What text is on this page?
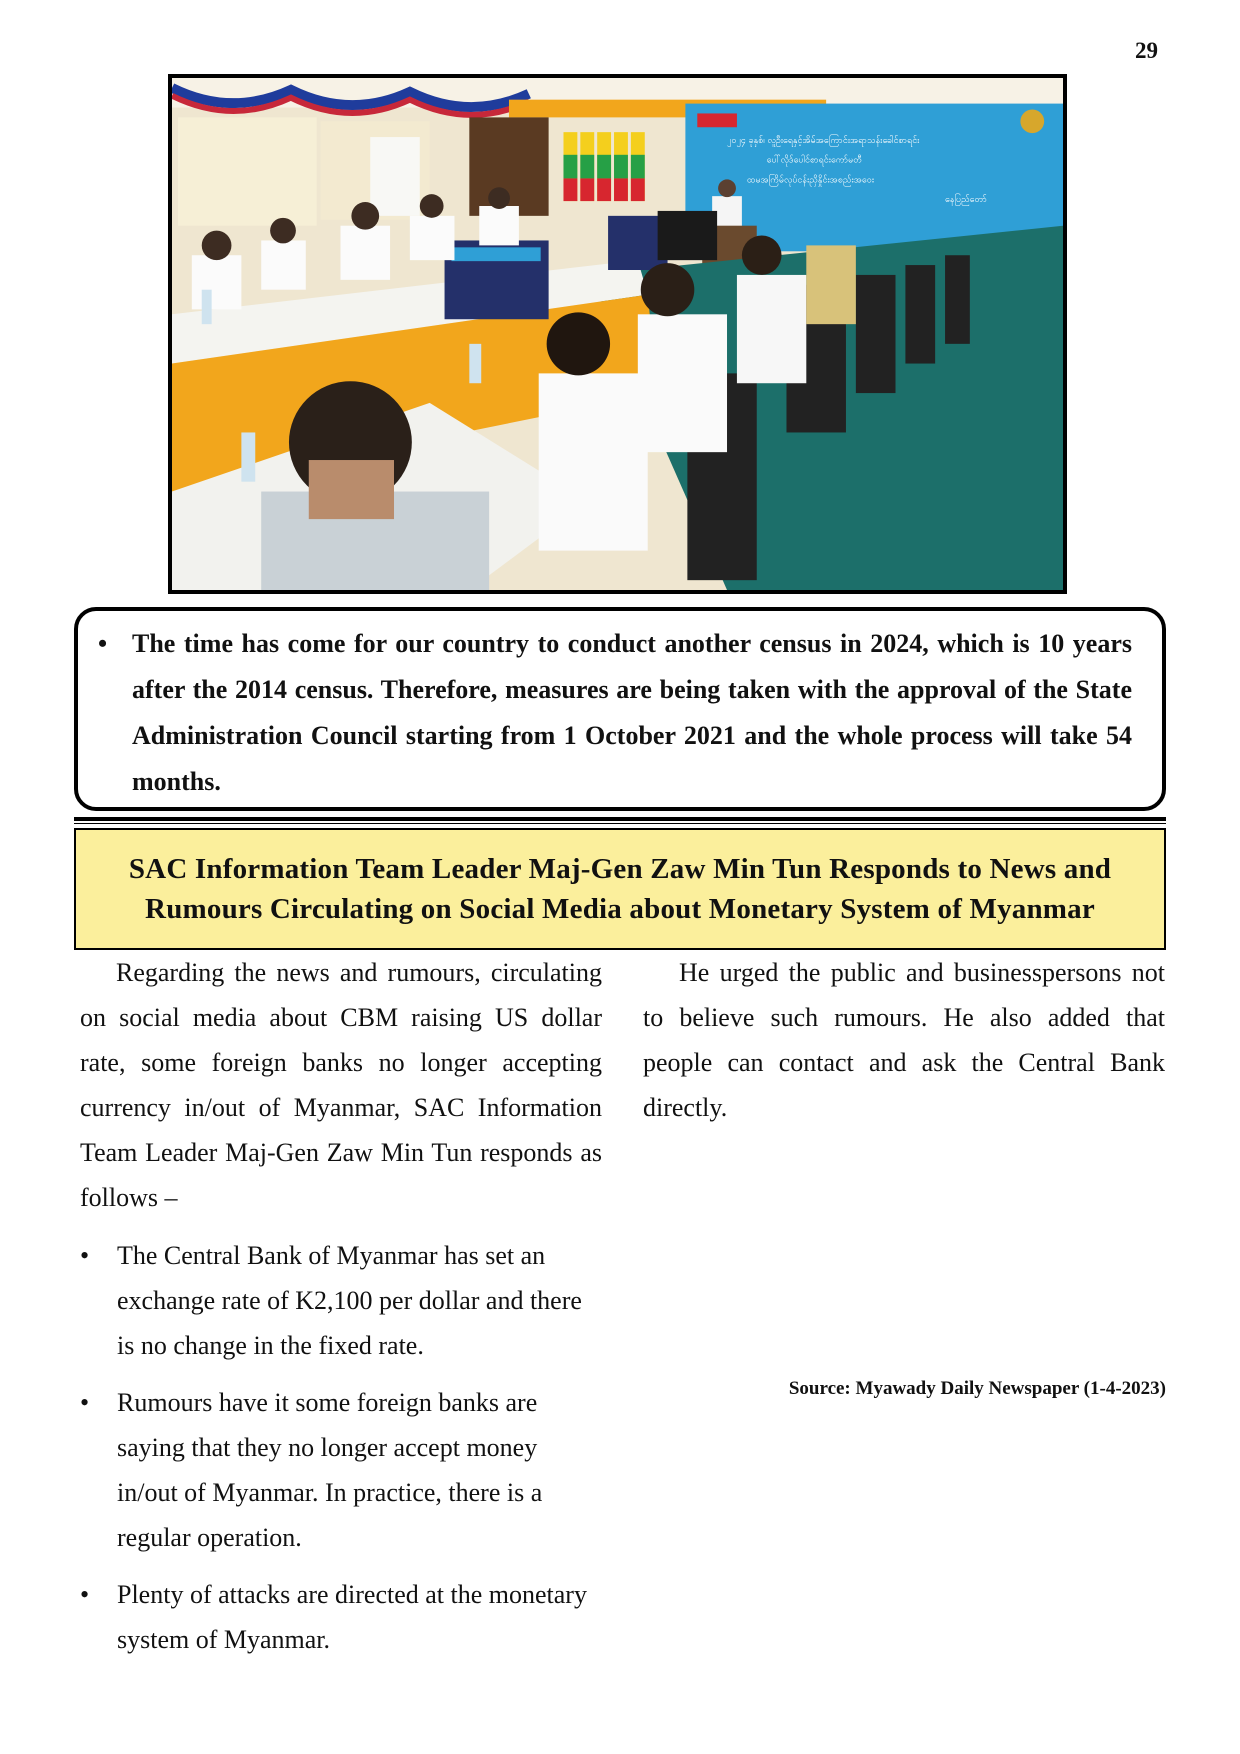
29
၂၀၂၄ ခုနှစ်၊ လူဦးရေနှင့်အိမ်အကြောင်းအရာသန်းခေါင်စာရင်း
ပေါ်လိုဒ်ပေါင်စာရင်းကော်မတီ
ထမအကြိမ်လုပ်ငန်းညှိနှိုင်းအစည်းအဝေး
နေပြည်တော်
• The time has come for our country to conduct another census in 2024, which is 10 years after the 2014 census. Therefore, measures are being taken with the approval of the State Administration Council starting from 1 October 2021 and the whole process will take 54 months.
SAC Information Team Leader Maj-Gen Zaw Min Tun Responds to News and
Rumours Circulating on Social Media about Monetary System of Myanmar

Regarding the news and rumours, circulating on social media about CBM raising US dollar rate, some foreign banks no longer accepting currency in/out of Myanmar, SAC Information Team Leader Maj-Gen Zaw Min Tun responds as follows –

• The Central Bank of Myanmar has set an exchange rate of K2,100 per dollar and there is no change in the fixed rate.
• Rumours have it some foreign banks are saying that they no longer accept money in/out of Myanmar. In practice, there is a regular operation.
• Plenty of attacks are directed at the monetary system of Myanmar.

He urged the public and businesspersons not to believe such rumours. He also added that people can contact and ask the Central Bank directly.

Source: Myawady Daily Newspaper (1-4-2023)
